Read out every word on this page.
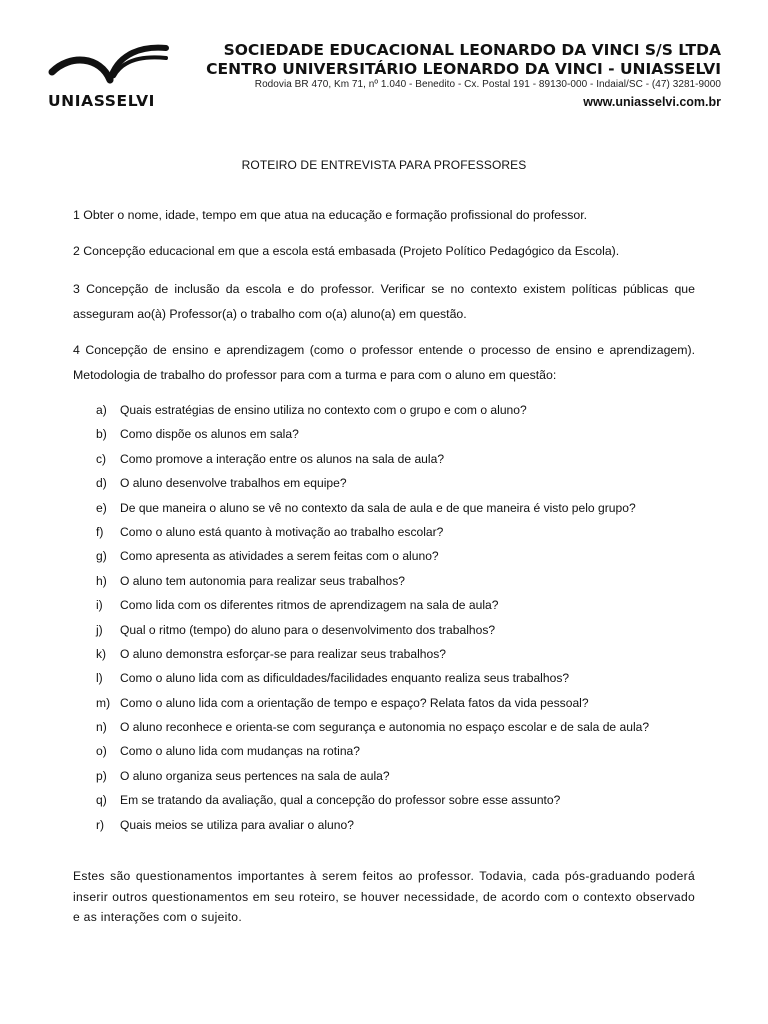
UNIASSELVI
SOCIEDADE EDUCACIONAL LEONARDO DA VINCI S/S LTDA
CENTRO UNIVERSITÁRIO LEONARDO DA VINCI - UNIASSELVI
Rodovia BR 470, Km 71, nº 1.040 - Benedito - Cx. Postal 191 - 89130-000 - Indaial/SC - (47) 3281-9000
www.uniasselvi.com.br
ROTEIRO DE ENTREVISTA PARA PROFESSORES
1 Obter o nome, idade, tempo em que atua na educação e formação profissional do professor.
2 Concepção educacional em que a escola está embasada (Projeto Político Pedagógico da Escola).
3 Concepção de inclusão da escola e do professor. Verificar se no contexto existem políticas públicas que asseguram ao(à) Professor(a) o trabalho com o(a) aluno(a) em questão.
4 Concepção de ensino e aprendizagem (como o professor entende o processo de ensino e aprendizagem). Metodologia de trabalho do professor para com a turma e para com o aluno em questão:
a)	Quais estratégias de ensino utiliza no contexto com o grupo e com o aluno?
b)	Como dispõe os alunos em sala?
c)	Como promove a interação entre os alunos na sala de aula?
d)	O aluno desenvolve trabalhos em equipe?
e)	De que maneira o aluno se vê no contexto da sala de aula e de que maneira é visto pelo grupo?
f)	Como o aluno está quanto à motivação ao trabalho escolar?
g)	Como apresenta as atividades a serem feitas com o aluno?
h)	O aluno tem autonomia para realizar seus trabalhos?
i)	Como lida com os diferentes ritmos de aprendizagem na sala de aula?
j)	Qual o ritmo (tempo) do aluno para o desenvolvimento dos trabalhos?
k)	O aluno demonstra esforçar-se para realizar seus trabalhos?
l)	Como o aluno lida com as dificuldades/facilidades enquanto realiza seus trabalhos?
m) Como o aluno lida com a orientação de tempo e espaço? Relata fatos da vida pessoal?
n)	O aluno reconhece e orienta-se com segurança e autonomia no espaço escolar e de sala de aula?
o)	Como o aluno lida com mudanças na rotina?
p)	O aluno organiza seus pertences na sala de aula?
q)	Em se tratando da avaliação, qual a concepção do professor sobre esse assunto?
r)	Quais meios se utiliza para avaliar o aluno?
Estes são questionamentos importantes à serem feitos ao professor. Todavia, cada pós-graduando poderá inserir outros questionamentos em seu roteiro, se houver necessidade, de acordo com o contexto observado e as interações com o sujeito.
